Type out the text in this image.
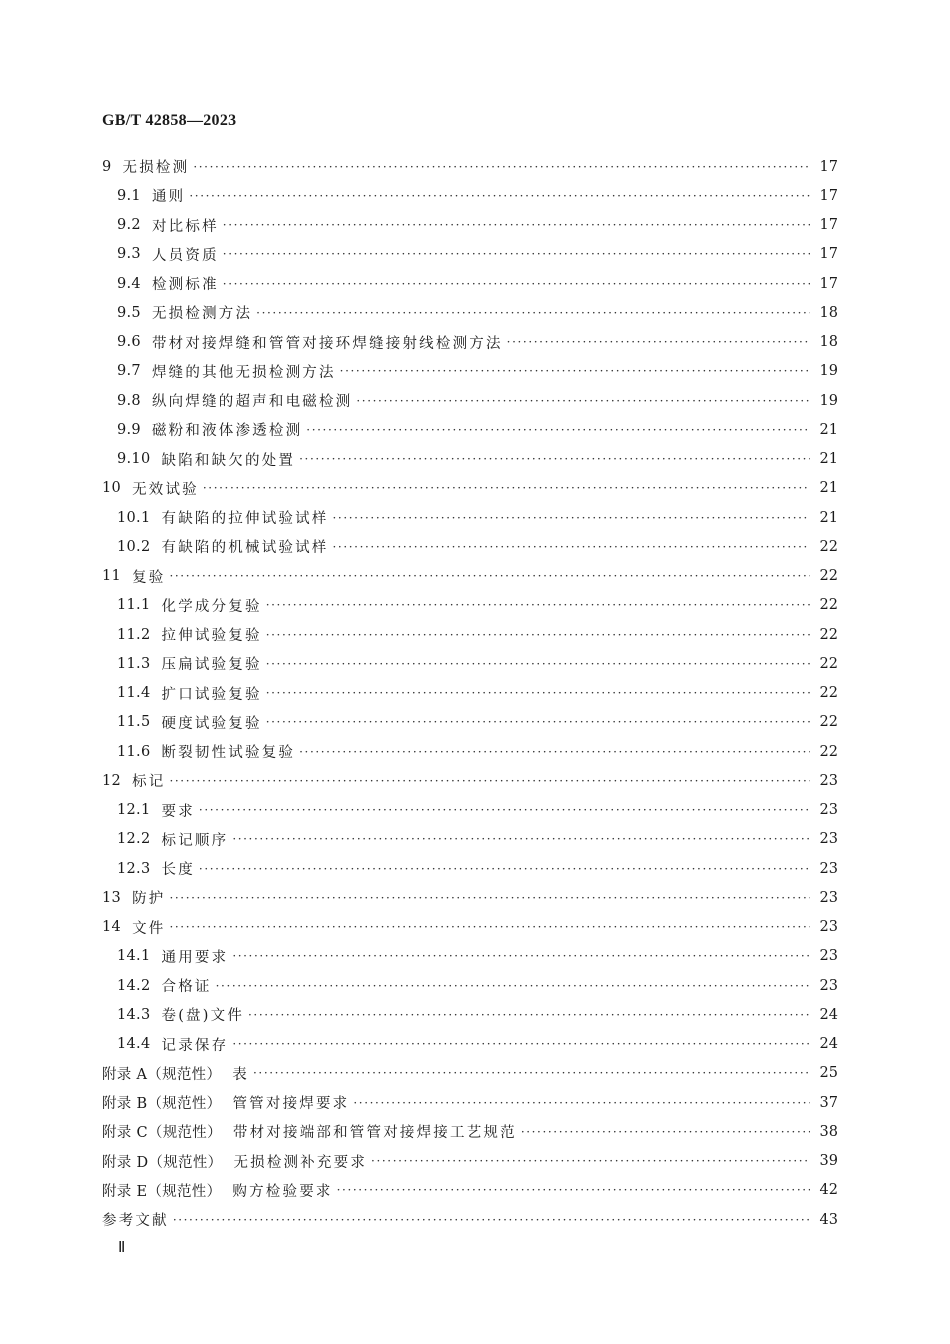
GB/T 42858—2023
9 无损检测 ·····	17
9.1 通则 ·····	17
9.2 对比标样 ·····	17
9.3 人员资质 ·····	17
9.4 检测标准 ·····	17
9.5 无损检测方法 ·····	18
9.6 带材对接焊缝和管管对接环焊缝接射线检测方法 ·····	18
9.7 焊缝的其他无损检测方法 ·····	19
9.8 纵向焊缝的超声和电磁检测 ·····	19
9.9 磁粉和液体渗透检测 ·····	21
9.10 缺陷和缺欠的处置 ·····	21
10 无效试验 ·····	21
10.1 有缺陷的拉伸试验试样 ·····	21
10.2 有缺陷的机械试验试样 ·····	22
11 复验 ·····	22
11.1 化学成分复验 ·····	22
11.2 拉伸试验复验 ·····	22
11.3 压扁试验复验 ·····	22
11.4 扩口试验复验 ·····	22
11.5 硬度试验复验 ·····	22
11.6 断裂韧性试验复验 ·····	22
12 标记 ·····	23
12.1 要求 ·····	23
12.2 标记顺序 ·····	23
12.3 长度 ·····	23
13 防护 ·····	23
14 文件 ·····	23
14.1 通用要求 ·····	23
14.2 合格证 ·····	23
14.3 卷(盘)文件 ·····	24
14.4 记录保存 ·····	24
附录 A（规范性） 表 ·····	25
附录 B（规范性） 管管对接焊要求 ·····	37
附录 C（规范性） 带材对接端部和管管对接焊接工艺规范 ·····	38
附录 D（规范性） 无损检测补充要求 ·····	39
附录 E（规范性） 购方检验要求 ·····	42
参考文献 ·····	43
Ⅱ
